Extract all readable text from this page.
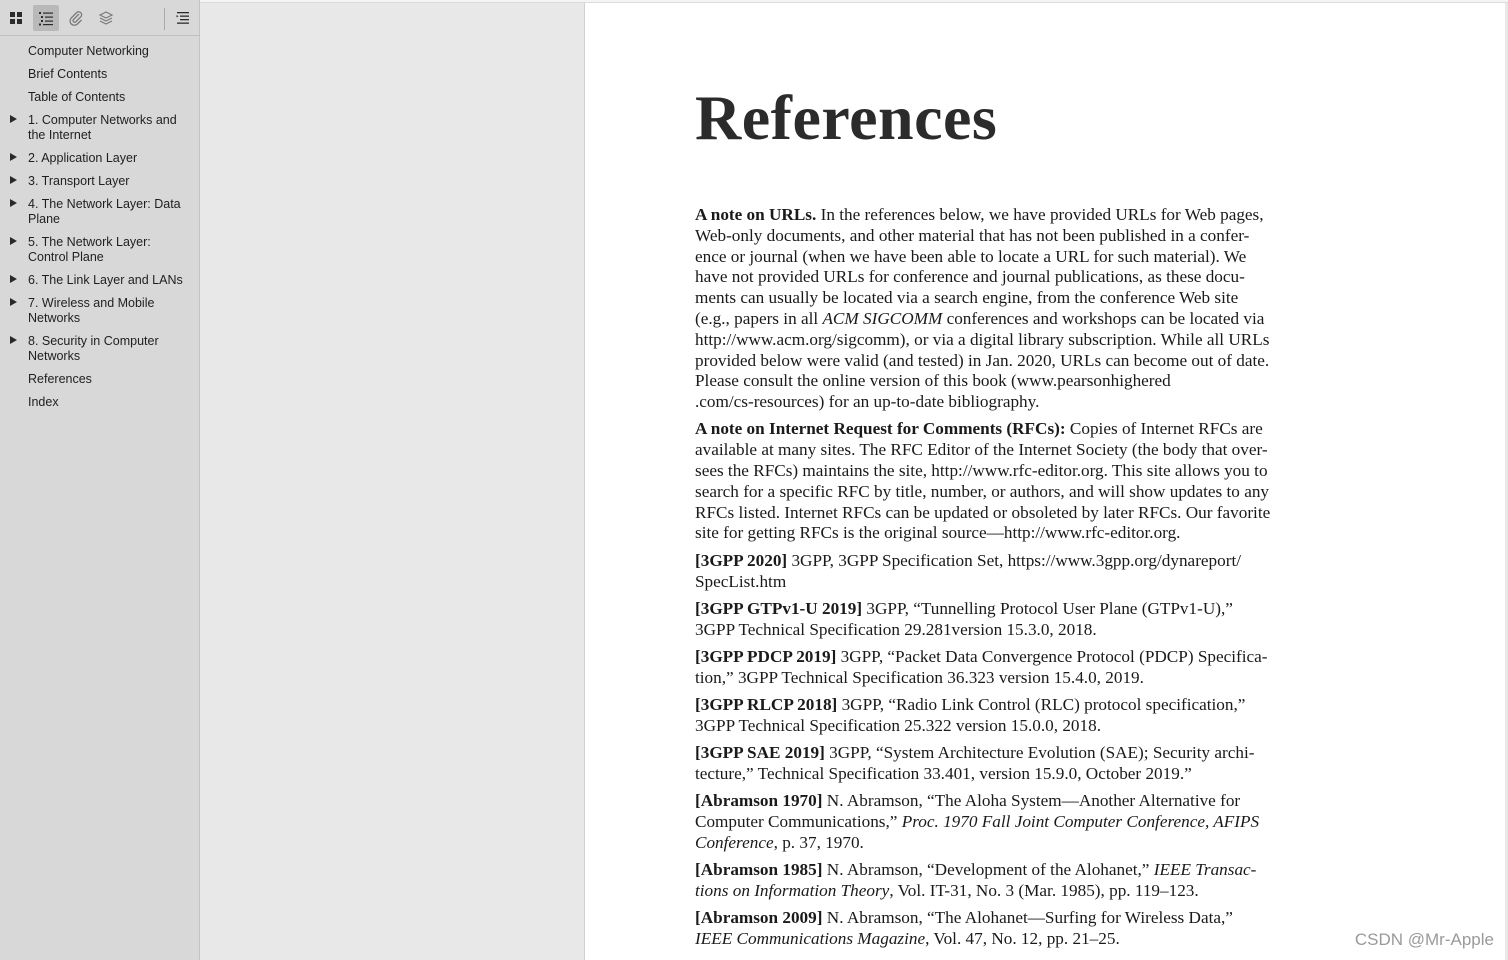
Computer Networking
Brief Contents
Table of Contents
1. Computer Networks and
the Internet
2. Application Layer
3. Transport Layer
4. The Network Layer: Data
Plane
5. The Network Layer:
Control Plane
6. The Link Layer and LANs
7. Wireless and Mobile
Networks
8. Security in Computer
Networks
References
Index
References
A note on URLs. In the references below, we have provided URLs for Web pages,
Web-only documents, and other material that has not been published in a confer-
ence or journal (when we have been able to locate a URL for such material). We
have not provided URLs for conference and journal publications, as these docu-
ments can usually be located via a search engine, from the conference Web site
(e.g., papers in all ACM SIGCOMM conferences and workshops can be located via
http://www.acm.org/sigcomm), or via a digital library subscription. While all URLs
provided below were valid (and tested) in Jan. 2020, URLs can become out of date.
Please consult the online version of this book (www.pearsonhighered
.com/cs-resources) for an up-to-date bibliography.
A note on Internet Request for Comments (RFCs): Copies of Internet RFCs are
available at many sites. The RFC Editor of the Internet Society (the body that over-
sees the RFCs) maintains the site, http://www.rfc-editor.org. This site allows you to
search for a specific RFC by title, number, or authors, and will show updates to any
RFCs listed. Internet RFCs can be updated or obsoleted by later RFCs. Our favorite
site for getting RFCs is the original source—http://www.rfc-editor.org.
[3GPP 2020] 3GPP, 3GPP Specification Set, https://www.3gpp.org/dynareport/
SpecList.htm
[3GPP GTPv1-U 2019] 3GPP, “Tunnelling Protocol User Plane (GTPv1-U),”
3GPP Technical Specification 29.281version 15.3.0, 2018.
[3GPP PDCP 2019] 3GPP, “Packet Data Convergence Protocol (PDCP) Specifica-
tion,” 3GPP Technical Specification 36.323 version 15.4.0, 2019.
[3GPP RLCP 2018] 3GPP, “Radio Link Control (RLC) protocol specification,”
3GPP Technical Specification 25.322 version 15.0.0, 2018.
[3GPP SAE 2019] 3GPP, “System Architecture Evolution (SAE); Security archi-
tecture,” Technical Specification 33.401, version 15.9.0, October 2019.”
[Abramson 1970] N. Abramson, “The Aloha System—Another Alternative for
Computer Communications,” Proc. 1970 Fall Joint Computer Conference, AFIPS
Conference, p. 37, 1970.
[Abramson 1985] N. Abramson, “Development of the Alohanet,” IEEE Transac-
tions on Information Theory, Vol. IT-31, No. 3 (Mar. 1985), pp. 119–123.
[Abramson 2009] N. Abramson, “The Alohanet—Surfing for Wireless Data,”
IEEE Communications Magazine, Vol. 47, No. 12, pp. 21–25.	CSDN @Mr-Apple
